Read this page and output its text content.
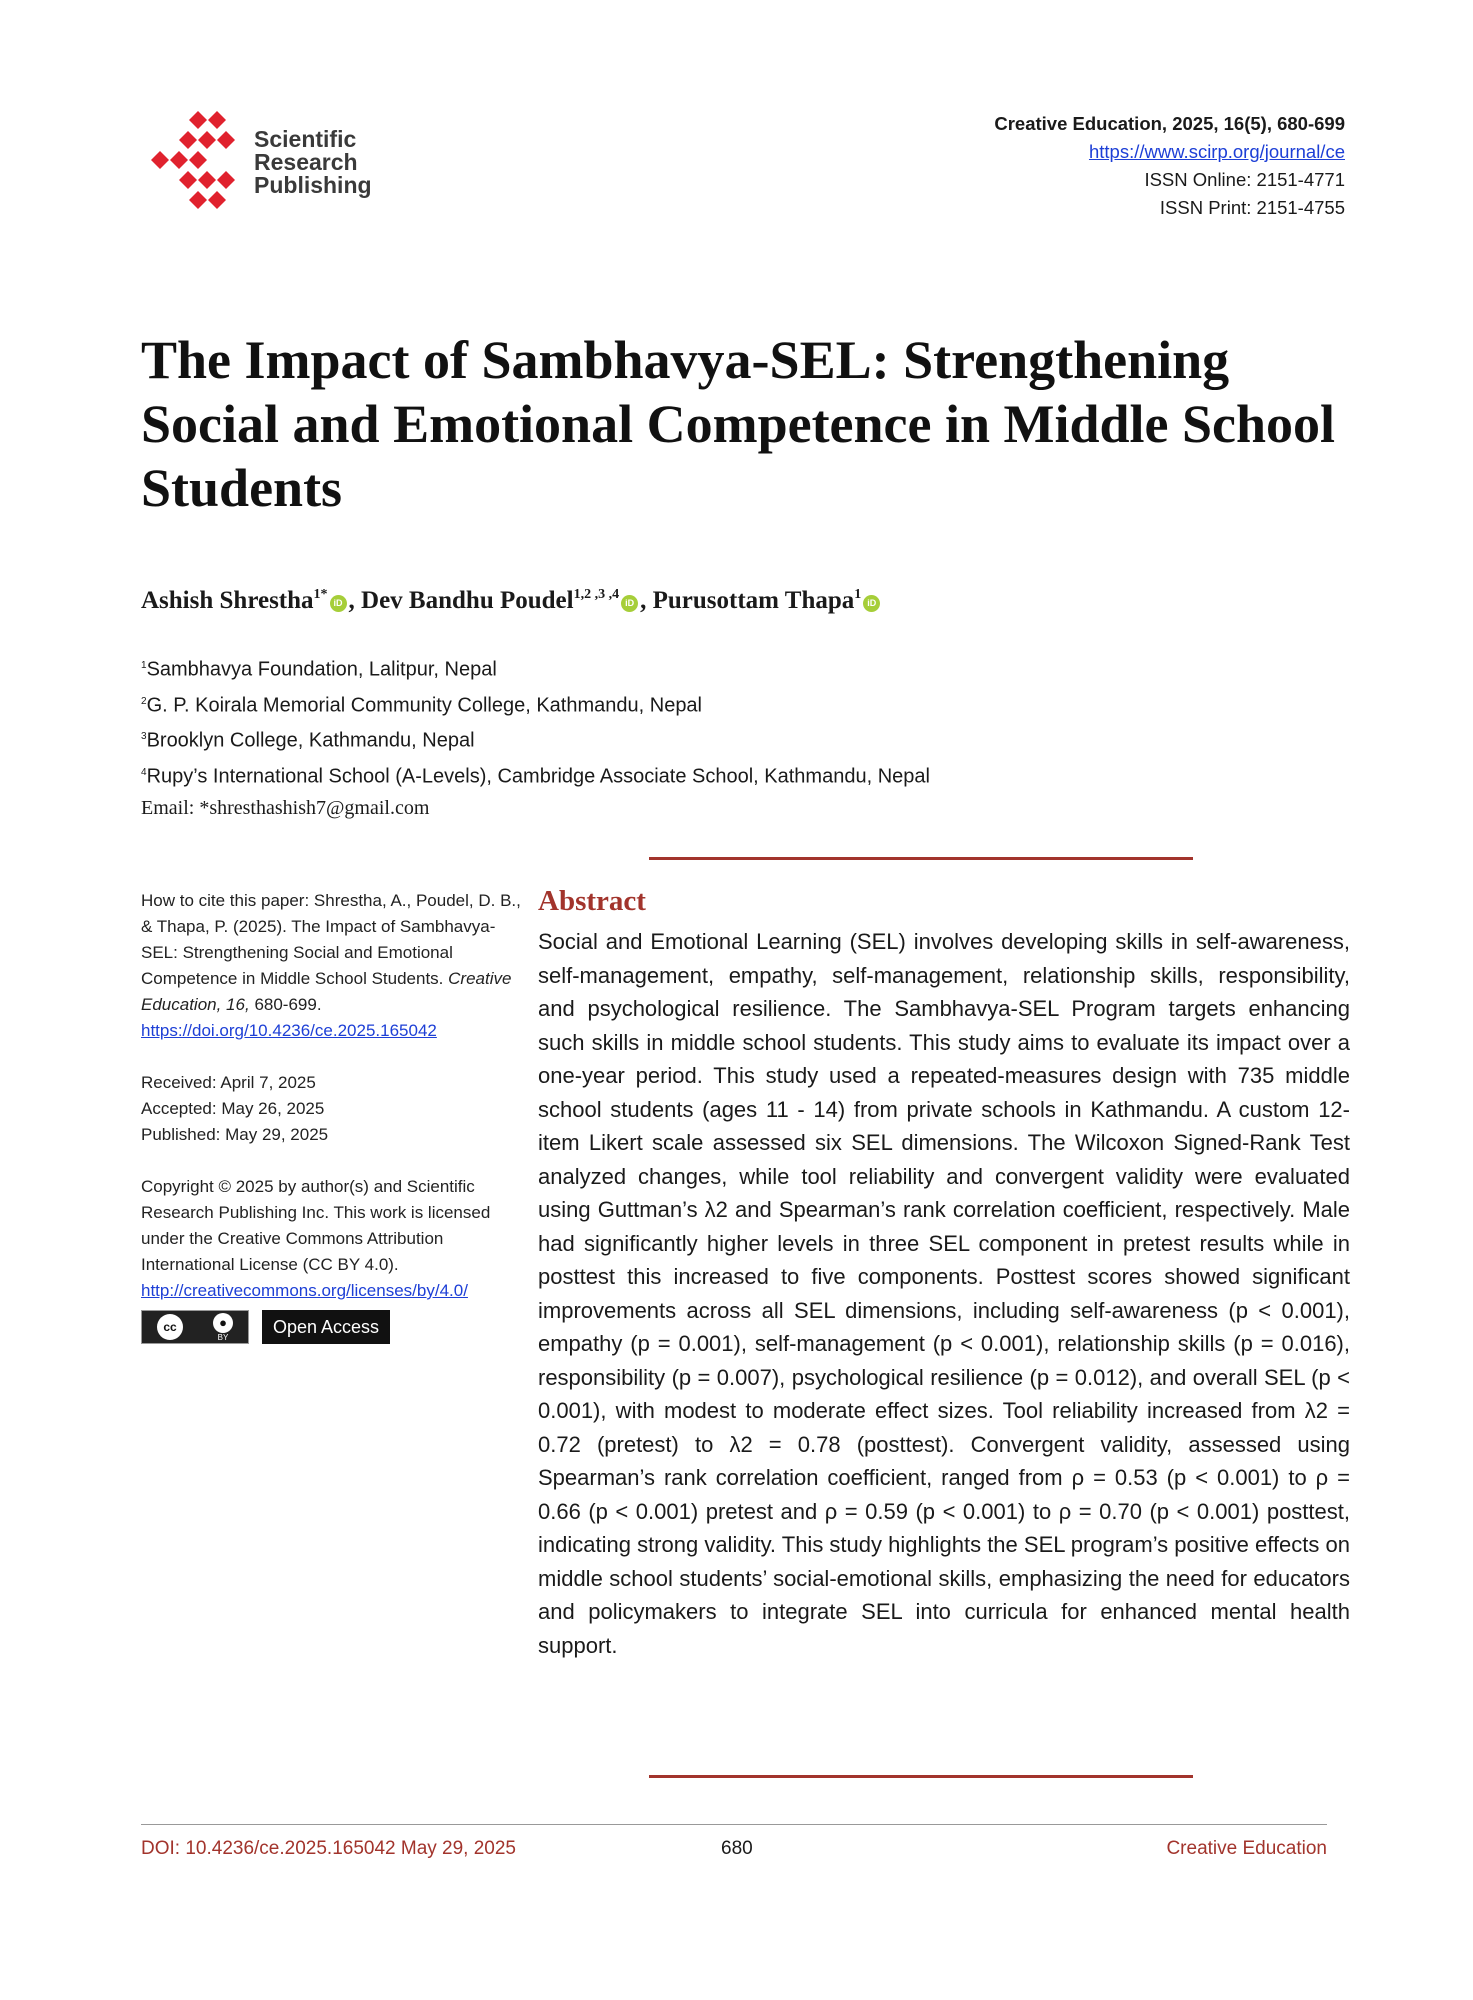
Scientific
Research
Publishing
Creative Education, 2025, 16(5), 680-699
https://www.scirp.org/journal/ce
ISSN Online: 2151-4771
ISSN Print: 2151-4755
The Impact of Sambhavya-SEL: Strengthening Social and Emotional Competence in Middle School Students
Ashish Shrestha$^{1*}$iD , Dev Bandhu Poudel$^{1,2 ,3 ,4}$iD , Purusottam Thapa$^1$iD
$^1$Sambhavya Foundation, Lalitpur, Nepal
$^2$G. P. Koirala Memorial Community College, Kathmandu, Nepal
$^3$Brooklyn College, Kathmandu, Nepal
$^4$Rupy’s International School (A-Levels), Cambridge Associate School, Kathmandu, Nepal
Email: *shresthashish7@gmail.com

How to cite this paper: Shrestha, A., Poudel, D. B., & Thapa, P. (2025). The Impact of Sambhavya-SEL: Strengthening Social and Emotional Competence in Middle School Students. Creative Education, 16, 680-699.
https://doi.org/10.4236/ce.2025.165042

Received: April 7, 2025
Accepted: May 26, 2025
Published: May 29, 2025

Copyright © 2025 by author(s) and Scientific Research Publishing Inc. This work is licensed under the Creative Commons Attribution International License (CC BY 4.0).
http://creativecommons.org/licenses/by/4.0/

cc	●
BY	Open Access
Abstract
Social and Emotional Learning (SEL) involves developing skills in self-awareness, self-management, empathy, self-management, relationship skills, responsibility, and psychological resilience. The Sambhavya-SEL Program targets enhancing such skills in middle school students. This study aims to evaluate its impact over a one-year period. This study used a repeated-measures design with 735 middle school students (ages 11 - 14) from private schools in Kathmandu. A custom 12-item Likert scale assessed six SEL dimensions. The Wilcoxon Signed-Rank Test analyzed changes, while tool reliability and convergent validity were evaluated using Guttman’s λ2 and Spearman’s rank correlation coefficient, respectively. Male had significantly higher levels in three SEL component in pretest results while in posttest this increased to five components. Posttest scores showed significant improvements across all SEL dimensions, including self-awareness (p < 0.001), empathy (p = 0.001), self-management (p < 0.001), relationship skills (p = 0.016), responsibility (p = 0.007), psychological resilience (p = 0.012), and overall SEL (p < 0.001), with modest to moderate effect sizes. Tool reliability increased from λ2 = 0.72 (pretest) to λ2 = 0.78 (posttest). Convergent validity, assessed using Spearman’s rank correlation coefficient, ranged from ρ = 0.53 (p < 0.001) to ρ = 0.66 (p < 0.001) pretest and ρ = 0.59 (p < 0.001) to ρ = 0.70 (p < 0.001) posttest, indicating strong validity. This study highlights the SEL program’s positive effects on middle school students’ social-emotional skills, emphasizing the need for educators and policymakers to integrate SEL into curricula for enhanced mental health support.
DOI: 10.4236/ce.2025.165042 May 29, 2025	680	Creative Education
